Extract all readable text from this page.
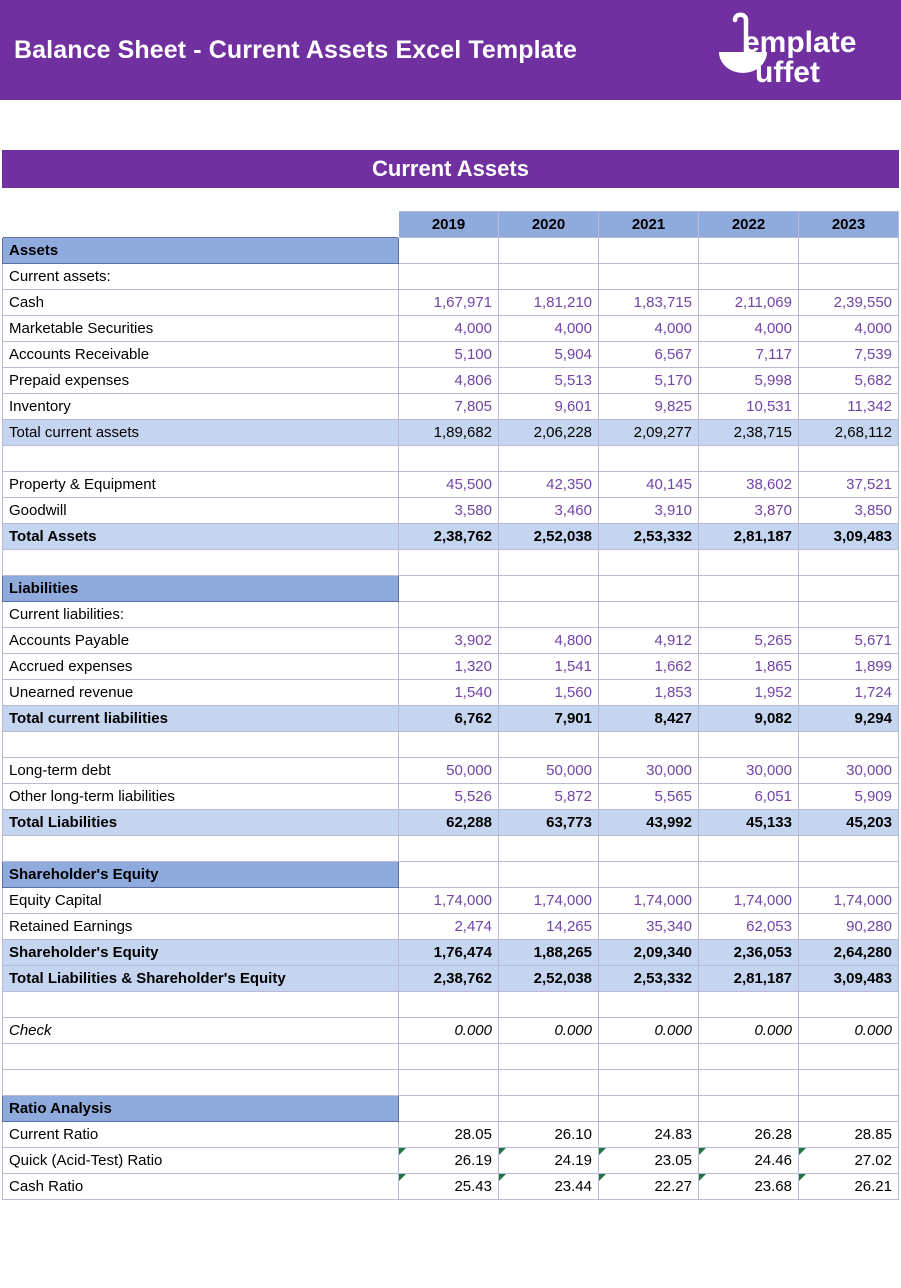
Balance Sheet - Current Assets Excel Template	emplate
uffet
Current Assets
	2019	2020	2021	2022	2023
Assets					
Current assets:					
Cash	1,67,971	1,81,210	1,83,715	2,11,069	2,39,550
Marketable Securities	4,000	4,000	4,000	4,000	4,000
Accounts Receivable	5,100	5,904	6,567	7,117	7,539
Prepaid expenses	4,806	5,513	5,170	5,998	5,682
Inventory	7,805	9,601	9,825	10,531	11,342
Total current assets	1,89,682	2,06,228	2,09,277	2,38,715	2,68,112

Property & Equipment	45,500	42,350	40,145	38,602	37,521
Goodwill	3,580	3,460	3,910	3,870	3,850
Total Assets	2,38,762	2,52,038	2,53,332	2,81,187	3,09,483

Liabilities					
Current liabilities:					
Accounts Payable	3,902	4,800	4,912	5,265	5,671
Accrued expenses	1,320	1,541	1,662	1,865	1,899
Unearned revenue	1,540	1,560	1,853	1,952	1,724
Total current liabilities	6,762	7,901	8,427	9,082	9,294

Long-term debt	50,000	50,000	30,000	30,000	30,000
Other long-term liabilities	5,526	5,872	5,565	6,051	5,909
Total Liabilities	62,288	63,773	43,992	45,133	45,203

Shareholder's Equity					
Equity Capital	1,74,000	1,74,000	1,74,000	1,74,000	1,74,000
Retained Earnings	2,474	14,265	35,340	62,053	90,280
Shareholder's Equity	1,76,474	1,88,265	2,09,340	2,36,053	2,64,280
Total Liabilities & Shareholder's Equity	2,38,762	2,52,038	2,53,332	2,81,187	3,09,483

Check	0.000	0.000	0.000	0.000	0.000

Ratio Analysis					
Current Ratio	28.05	26.10	24.83	26.28	28.85
Quick (Acid-Test) Ratio	26.19	24.19	23.05	24.46	27.02
Cash Ratio	25.43	23.44	22.27	23.68	26.21
